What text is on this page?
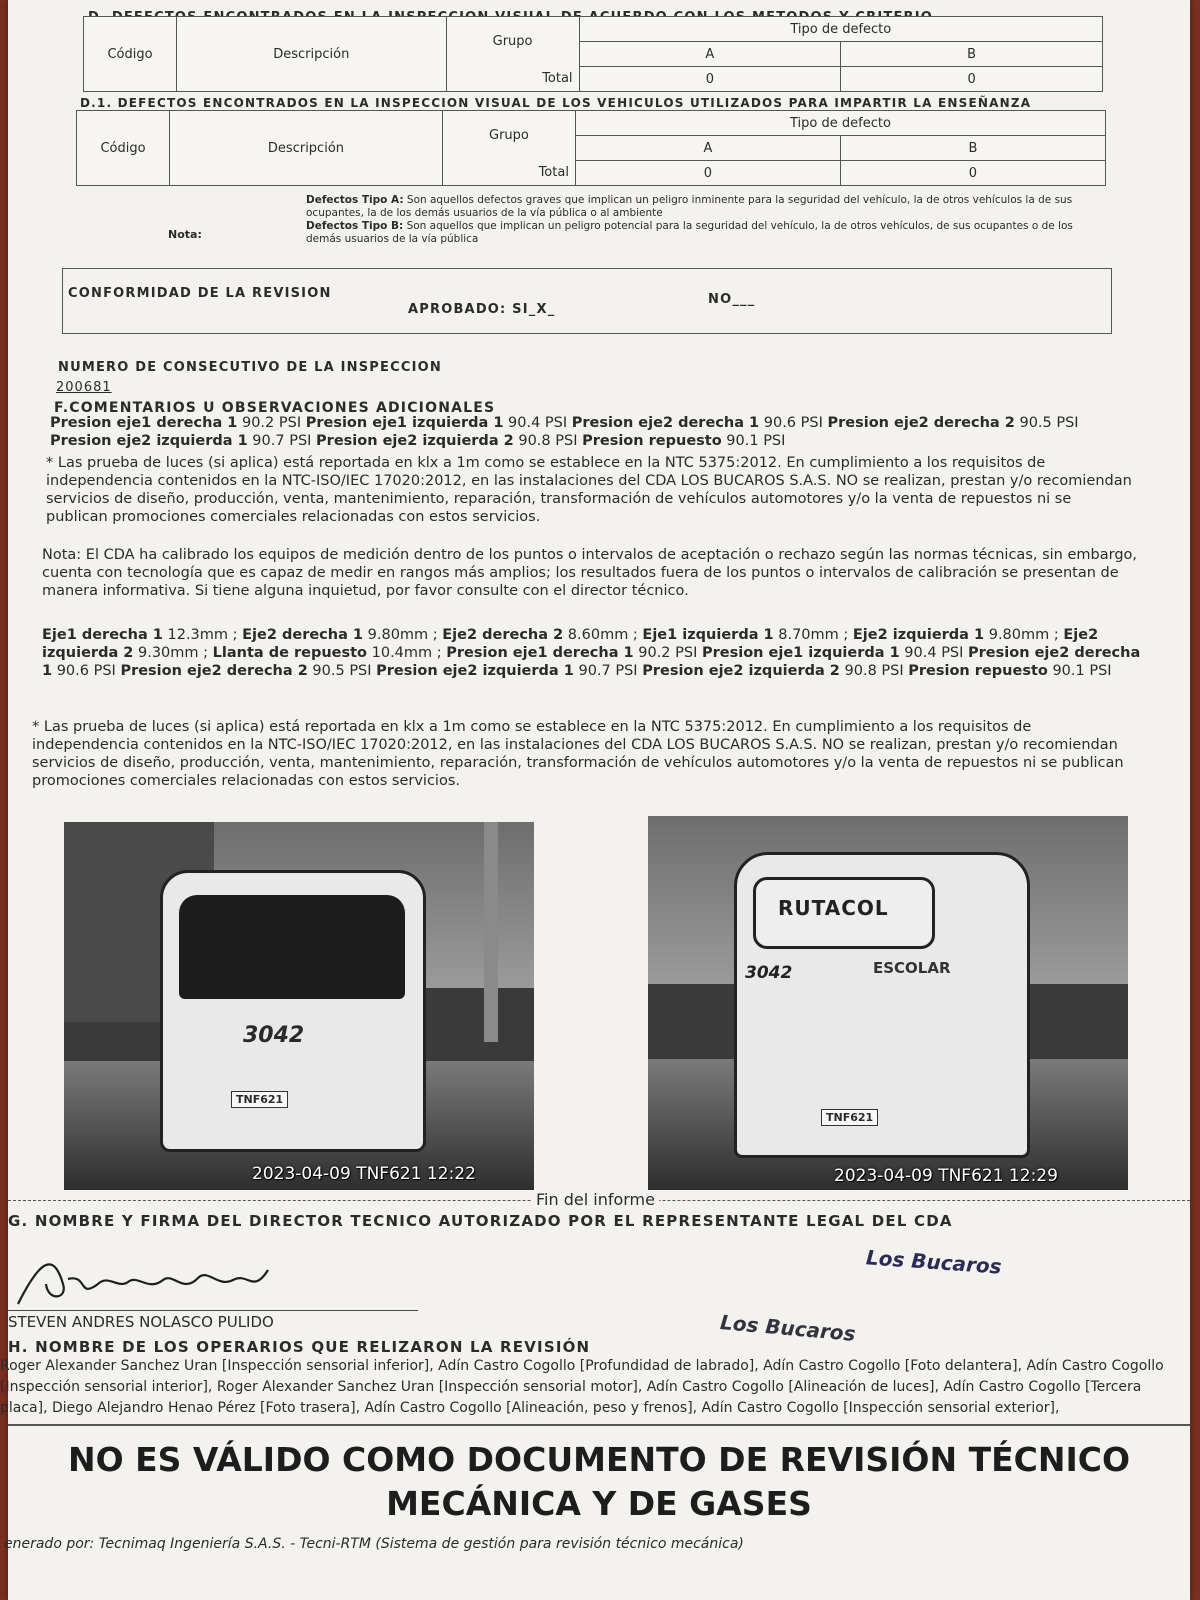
Código	Descripción	Grupo	Tipo de defecto	
			A	B
		Total	0	0
D.1. DEFECTOS ENCONTRADOS EN LA INSPECCION VISUAL DE LOS VEHICULOS UTILIZADOS PARA IMPARTIR LA ENSEÑANZA
Código	Descripción	Grupo	Tipo de defecto	
			A	B
		Total	0	0
Nota:
Defectos Tipo A: Son aquellos defectos graves que implican un peligro inminente para la seguridad del vehículo, la de otros vehículos la de sus ocupantes, la de los demás usuarios de la vía pública o al ambiente
Defectos Tipo B: Son aquellos que implican un peligro potencial para la seguridad del vehículo, la de otros vehículos, de sus ocupantes o de los demás usuarios de la vía pública
CONFORMIDAD DE LA REVISION
APROBADO: SI_X_
NO___
NUMERO DE CONSECUTIVO DE LA INSPECCION
200681
F.COMENTARIOS U OBSERVACIONES ADICIONALES
Presion eje1 derecha 1 90.2 PSI Presion eje1 izquierda 1 90.4 PSI Presion eje2 derecha 1 90.6 PSI Presion eje2 derecha 2 90.5 PSI Presion eje2 izquierda 1 90.7 PSI Presion eje2 izquierda 2 90.8 PSI Presion repuesto 90.1 PSI
* Las prueba de luces (si aplica) está reportada en klx a 1m como se establece en la NTC 5375:2012. En cumplimiento a los requisitos de independencia contenidos en la NTC-ISO/IEC 17020:2012, en las instalaciones del CDA LOS BUCAROS S.A.S. NO se realizan, prestan y/o recomiendan servicios de diseño, producción, venta, mantenimiento, reparación, transformación de vehículos automotores y/o la venta de repuestos ni se publican promociones comerciales relacionadas con estos servicios.
Nota: El CDA ha calibrado los equipos de medición dentro de los puntos o intervalos de aceptación o rechazo según las normas técnicas, sin embargo, cuenta con tecnología que es capaz de medir en rangos más amplios; los resultados fuera de los puntos o intervalos de calibración se presentan de manera informativa. Si tiene alguna inquietud, por favor consulte con el director técnico.
Eje1 derecha 1 12.3mm ; Eje2 derecha 1 9.80mm ; Eje2 derecha 2 8.60mm ; Eje1 izquierda 1 8.70mm ; Eje2 izquierda 1 9.80mm ; Eje2 izquierda 2 9.30mm ; Llanta de repuesto 10.4mm ; Presion eje1 derecha 1 90.2 PSI Presion eje1 izquierda 1 90.4 PSI Presion eje2 derecha 1 90.6 PSI Presion eje2 derecha 2 90.5 PSI Presion eje2 izquierda 1 90.7 PSI Presion eje2 izquierda 2 90.8 PSI Presion repuesto 90.1 PSI
* Las prueba de luces (si aplica) está reportada en klx a 1m como se establece en la NTC 5375:2012. En cumplimiento a los requisitos de independencia contenidos en la NTC-ISO/IEC 17020:2012, en las instalaciones del CDA LOS BUCAROS S.A.S. NO se realizan, prestan y/o recomiendan servicios de diseño, producción, venta, mantenimiento, reparación, transformación de vehículos automotores y/o la venta de repuestos ni se publican promociones comerciales relacionadas con estos servicios.
3042
TNF621
2023-04-09 TNF621 12:22
RUTACOL
3042	ESCOLAR
TNF621
2023-04-09 TNF621 12:29
Fin del informe
G. NOMBRE Y FIRMA DEL DIRECTOR TECNICO AUTORIZADO POR EL REPRESENTANTE LEGAL DEL CDA
STEVEN ANDRES NOLASCO PULIDO
Los Bucaros
Los Bucaros
H. NOMBRE DE LOS OPERARIOS QUE RELIZARON LA REVISIÓN
Roger Alexander Sanchez Uran [Inspección sensorial inferior], Adín Castro Cogollo [Profundidad de labrado], Adín Castro Cogollo [Foto delantera], Adín Castro Cogollo [Inspección sensorial interior], Roger Alexander Sanchez Uran [Inspección sensorial motor], Adín Castro Cogollo [Alineación de luces], Adín Castro Cogollo [Tercera placa], Diego Alejandro Henao Pérez [Foto trasera], Adín Castro Cogollo [Alineación, peso y frenos], Adín Castro Cogollo [Inspección sensorial exterior],
NO ES VÁLIDO COMO DOCUMENTO DE REVISIÓN TÉCNICO
MECÁNICA Y DE GASES
enerado por: Tecnimaq Ingeniería S.A.S. - Tecni-RTM (Sistema de gestión para revisión técnico mecánica)
